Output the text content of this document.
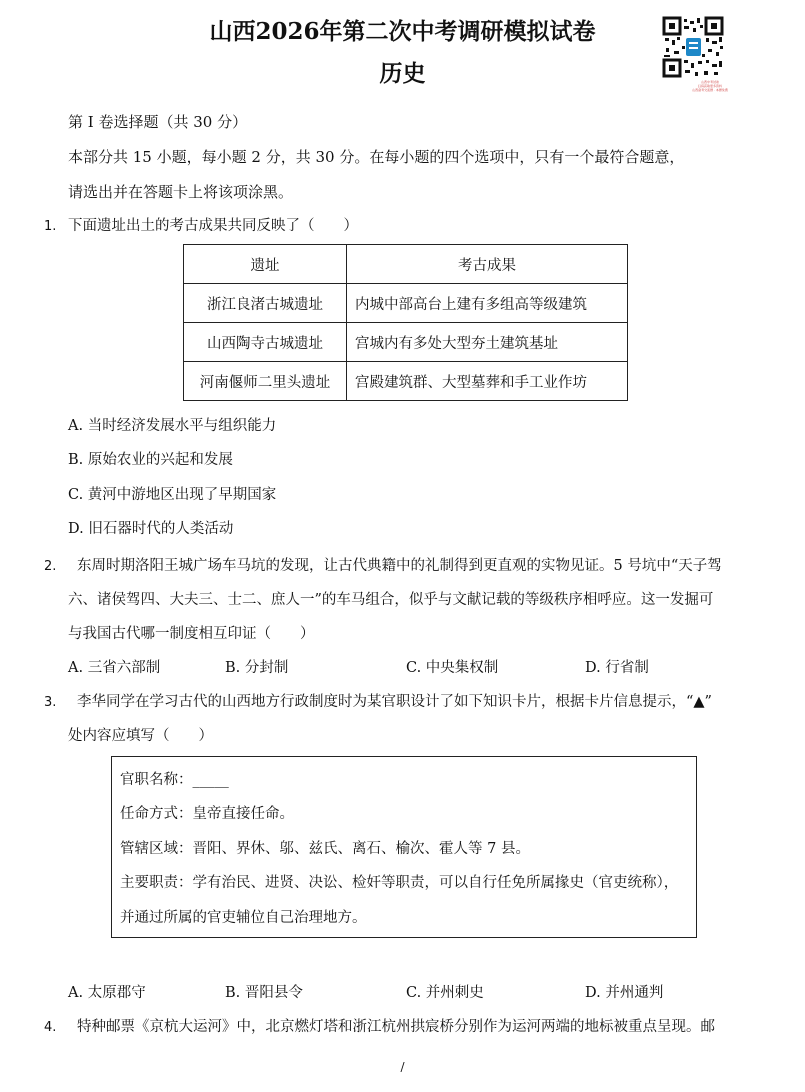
山西2026年第二次中考调研模拟试卷
历史	山西中考试卷
扫码获取更多资料
山西备考交流群 · 本群免费
第 I 卷选择题（共 30 分）
本部分共 15 小题，每小题 2 分，共 30 分。在每小题的四个选项中，只有一个最符合题意，
请选出并在答题卡上将该项涂黑。
1. 下面遗址出土的考古成果共同反映了（　　）
遗址	考古成果
浙江良渚古城遗址	内城中部高台上建有多组高等级建筑
山西陶寺古城遗址	宫城内有多处大型夯土建筑基址
河南偃师二里头遗址	宫殿建筑群、大型墓葬和手工业作坊
A. 当时经济发展水平与组织能力
B. 原始农业的兴起和发展
C. 黄河中游地区出现了早期国家
D. 旧石器时代的人类活动
2. 东周时期洛阳王城广场车马坑的发现，让古代典籍中的礼制得到更直观的实物见证。5 号坑中“天子驾
六、诸侯驾四、大夫三、士二、庶人一”的车马组合，似乎与文献记载的等级秩序相呼应。这一发掘可
与我国古代哪一制度相互印证（　　）
A. 三省六部制	B. 分封制	C. 中央集权制	D. 行省制
3. 李华同学在学习古代的山西地方行政制度时为某官职设计了如下知识卡片，根据卡片信息提示，“▲”
处内容应填写（　　）
官职名称：_____
任命方式：皇帝直接任命。
管辖区域：晋阳、界休、邬、兹氏、离石、榆次、霍人等 7 县。
主要职责：学有治民、进贤、决讼、检奸等职责，可以自行任免所属掾史（官吏统称），
并通过所属的官吏辅位自己治理地方。
A. 太原郡守	B. 晋阳县令	C. 并州刺史	D. 并州通判
4. 特种邮票《京杭大运河》中，北京燃灯塔和浙江杭州拱宸桥分别作为运河两端的地标被重点呈现。邮
/
